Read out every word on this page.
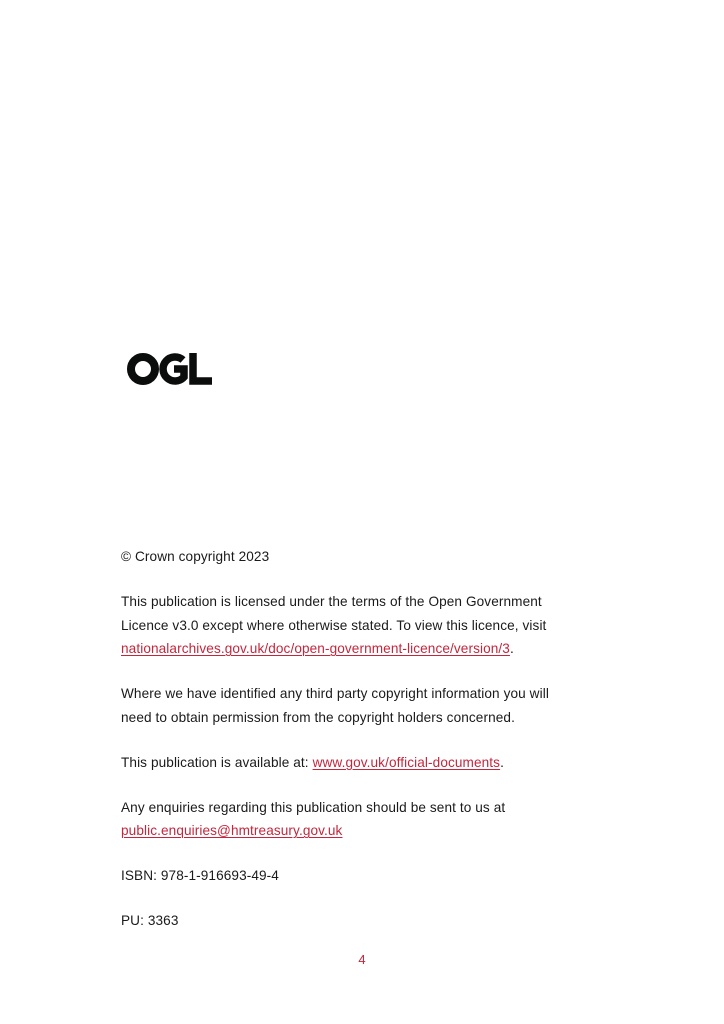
© Crown copyright 2023

This publication is licensed under the terms of the Open Government
Licence v3.0 except where otherwise stated. To view this licence, visit
nationalarchives.gov.uk/doc/open-government-licence/version/3.

Where we have identified any third party copyright information you will
need to obtain permission from the copyright holders concerned.

This publication is available at: www.gov.uk/official-documents.

Any enquiries regarding this publication should be sent to us at
public.enquiries@hmtreasury.gov.uk

ISBN: 978-1-916693-49-4

PU: 3363

4
